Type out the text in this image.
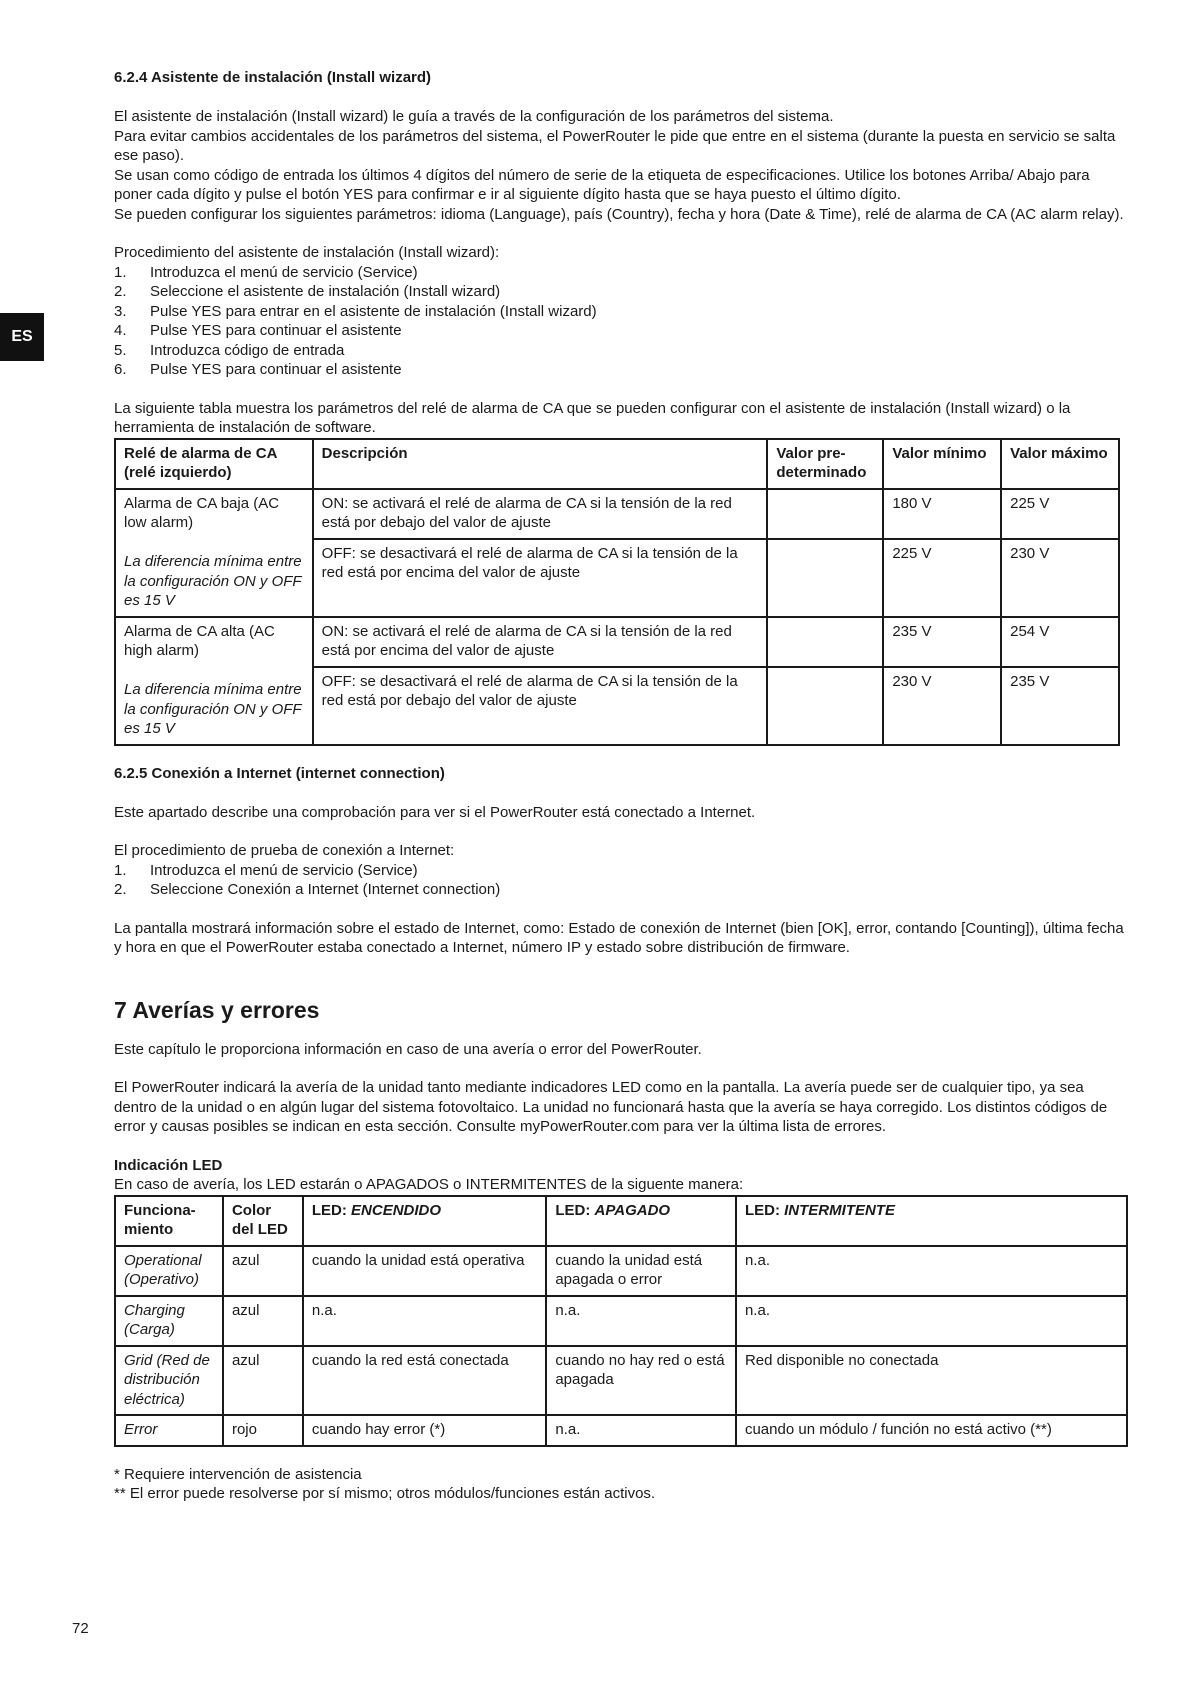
ES
6.2.4 Asistente de instalación (Install wizard)

El asistente de instalación (Install wizard) le guía a través de la configuración de los parámetros del sistema.

Para evitar cambios accidentales de los parámetros del sistema, el PowerRouter le pide que entre en el sistema (durante la puesta en servicio se salta ese paso).

Se usan como código de entrada los últimos 4 dígitos del número de serie de la etiqueta de especificaciones. Utilice los botones Arriba/ Abajo para poner cada dígito y pulse el botón YES para confirmar e ir al siguiente dígito hasta que se haya puesto el último dígito.

Se pueden configurar los siguientes parámetros: idioma (Language), país (Country), fecha y hora (Date & Time), relé de alarma de CA (AC alarm relay).

Procedimiento del asistente de instalación (Install wizard):

1.	Introduzca el menú de servicio (Service)
2.	Seleccione el asistente de instalación (Install wizard)
3.	Pulse YES para entrar en el asistente de instalación (Install wizard)
4.	Pulse YES para continuar el asistente
5.	Introduzca código de entrada
6.	Pulse YES para continuar el asistente

La siguiente tabla muestra los parámetros del relé de alarma de CA que se pueden configurar con el asistente de instalación (Install wizard) o la herramienta de instalación de software.

Relé de alarma de CA (relé izquierdo)	Descripción	Valor pre- determinado	Valor mínimo	Valor máximo
Alarma de CA baja (AC low alarm)
La diferencia mínima entre la configuración ON y OFF es 15 V	ON: se activará el relé de alarma de CA si la tensión de la red está por debajo del valor de ajuste		180 V	225 V
	OFF: se desactivará el relé de alarma de CA si la tensión de la red está por encima del valor de ajuste		225 V	230 V
Alarma de CA alta (AC high alarm)
La diferencia mínima entre la configuración ON y OFF es 15 V	ON: se activará el relé de alarma de CA si la tensión de la red está por encima del valor de ajuste		235 V	254 V
	OFF: se desactivará el relé de alarma de CA si la tensión de la red está por debajo del valor de ajuste		230 V	235 V
6.2.5 Conexión a Internet (internet connection)

Este apartado describe una comprobación para ver si el PowerRouter está conectado a Internet.

El procedimiento de prueba de conexión a Internet:

1.	Introduzca el menú de servicio (Service)
2.	Seleccione Conexión a Internet (Internet connection)

La pantalla mostrará información sobre el estado de Internet, como: Estado de conexión de Internet (bien [OK], error, contando [Counting]), última fecha y hora en que el PowerRouter estaba conectado a Internet, número IP y estado sobre distribución de firmware.

7 Averías y errores

Este capítulo le proporciona información en caso de una avería o error del PowerRouter.

El PowerRouter indicará la avería de la unidad tanto mediante indicadores LED como en la pantalla. La avería puede ser de cualquier tipo, ya sea dentro de la unidad o en algún lugar del sistema fotovoltaico. La unidad no funcionará hasta que la avería se haya corregido. Los distintos códigos de error y causas posibles se indican en esta sección. Consulte myPowerRouter.com para ver la última lista de errores.

Indicación LED

En caso de avería, los LED estarán o APAGADOS o INTERMITENTES de la siguente manera:

Funciona- miento	Color del LED	LED: ENCENDIDO	LED: APAGADO	LED: INTERMITENTE
Operational (Operativo)	azul	cuando la unidad está operativa	cuando la unidad está apagada o error	n.a.
Charging (Carga)	azul	n.a.	n.a.	n.a.
Grid (Red de distribución eléctrica)	azul	cuando la red está conectada	cuando no hay red o está apagada	Red disponible no conectada
Error	rojo	cuando hay error (*)	n.a.	cuando un módulo / función no está activo (**)
* Requiere intervención de asistencia
** El error puede resolverse por sí mismo; otros módulos/funciones están activos.
72
